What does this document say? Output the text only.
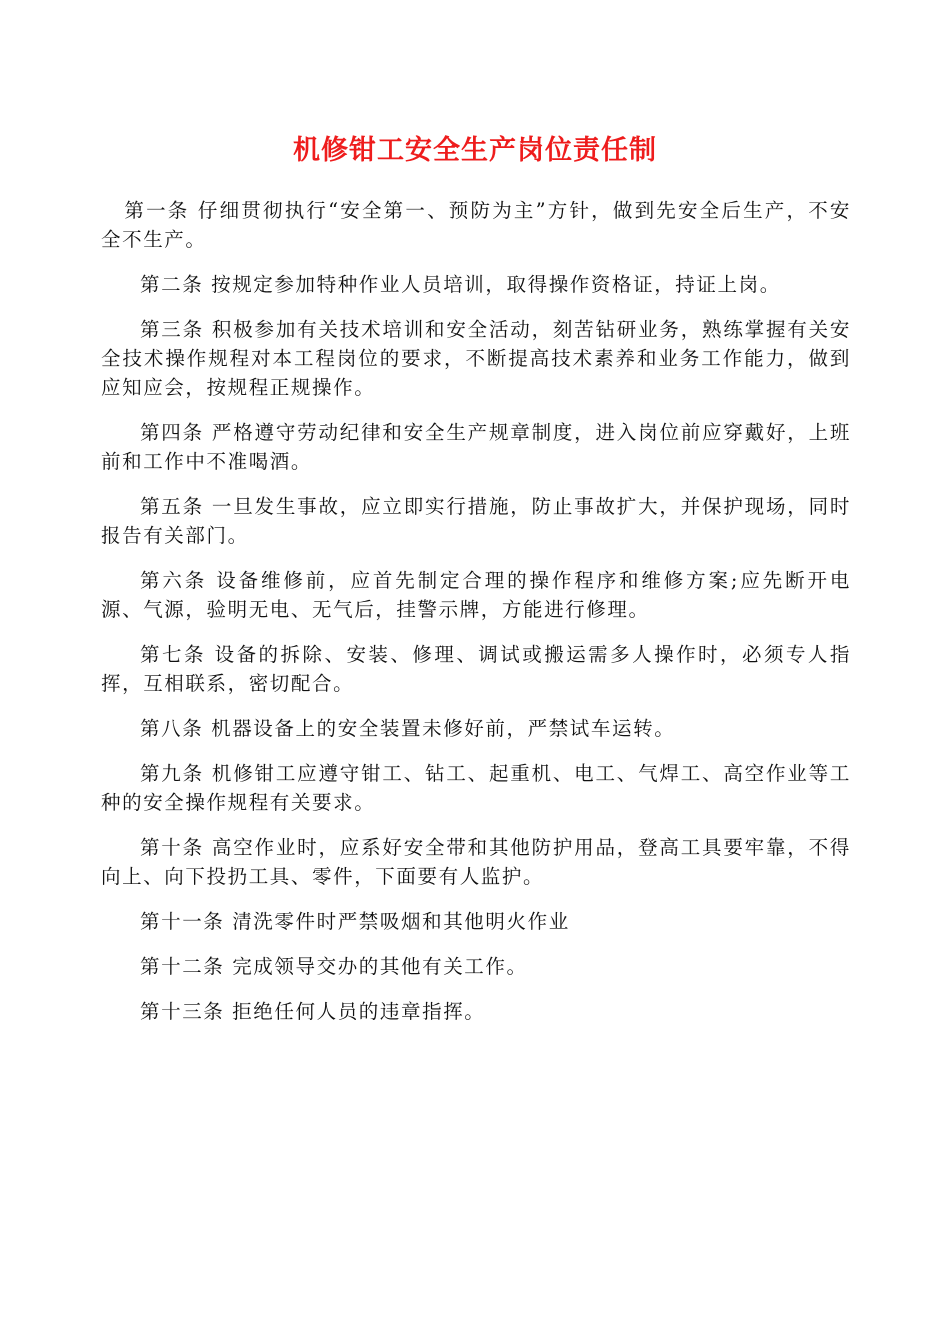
机修钳工安全生产岗位责任制

第一条 仔细贯彻执行“安全第一、预防为主”方针，做到先安全后生产，不安全不生产。

第二条 按规定参加特种作业人员培训，取得操作资格证，持证上岗。

第三条 积极参加有关技术培训和安全活动，刻苦钻研业务，熟练掌握有关安全技术操作规程对本工程岗位的要求，不断提高技术素养和业务工作能力，做到应知应会，按规程正规操作。

第四条 严格遵守劳动纪律和安全生产规章制度，进入岗位前应穿戴好，上班前和工作中不准喝酒。

第五条 一旦发生事故，应立即实行措施，防止事故扩大，并保护现场，同时报告有关部门。

第六条 设备维修前，应首先制定合理的操作程序和维修方案;应先断开电源、气源，验明无电、无气后，挂警示牌，方能进行修理。

第七条 设备的拆除、安装、修理、调试或搬运需多人操作时，必须专人指挥，互相联系，密切配合。

第八条 机器设备上的安全装置未修好前，严禁试车运转。

第九条 机修钳工应遵守钳工、钻工、起重机、电工、气焊工、高空作业等工种的安全操作规程有关要求。

第十条 高空作业时，应系好安全带和其他防护用品，登高工具要牢靠，不得向上、向下投扔工具、零件，下面要有人监护。

第十一条 清洗零件时严禁吸烟和其他明火作业

第十二条 完成领导交办的其他有关工作。

第十三条 拒绝任何人员的违章指挥。
